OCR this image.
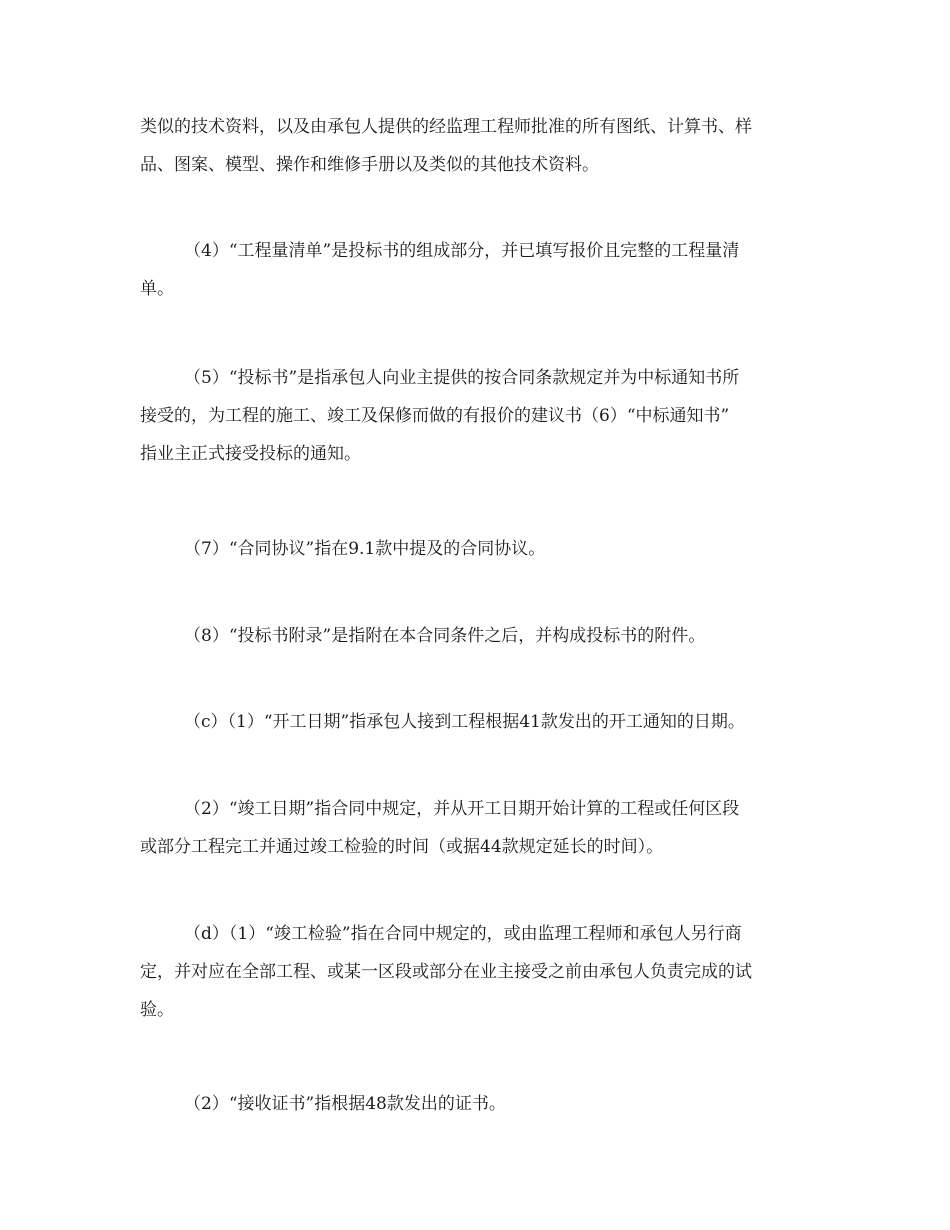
类似的技术资料，以及由承包人提供的经监理工程师批准的所有图纸、计算书、样
品、图案、模型、操作和维修手册以及类似的其他技术资料。

（4）“工程量清单”是投标书的组成部分，并已填写报价且完整的工程量清
单。

（5）“投标书”是指承包人向业主提供的按合同条款规定并为中标通知书所
接受的，为工程的施工、竣工及保修而做的有报价的建议书（6）“中标通知书”
指业主正式接受投标的通知。

（7）“合同协议”指在9.1款中提及的合同协议。

（8）“投标书附录”是指附在本合同条件之后，并构成投标书的附件。

（c）（1）“开工日期”指承包人接到工程根据41款发出的开工通知的日期。

（2）“竣工日期”指合同中规定，并从开工日期开始计算的工程或任何区段
或部分工程完工并通过竣工检验的时间（或据44款规定延长的时间）。

（d）（1）“竣工检验”指在合同中规定的，或由监理工程师和承包人另行商
定，并对应在全部工程、或某一区段或部分在业主接受之前由承包人负责完成的试
验。

（2）“接收证书”指根据48款发出的证书。
